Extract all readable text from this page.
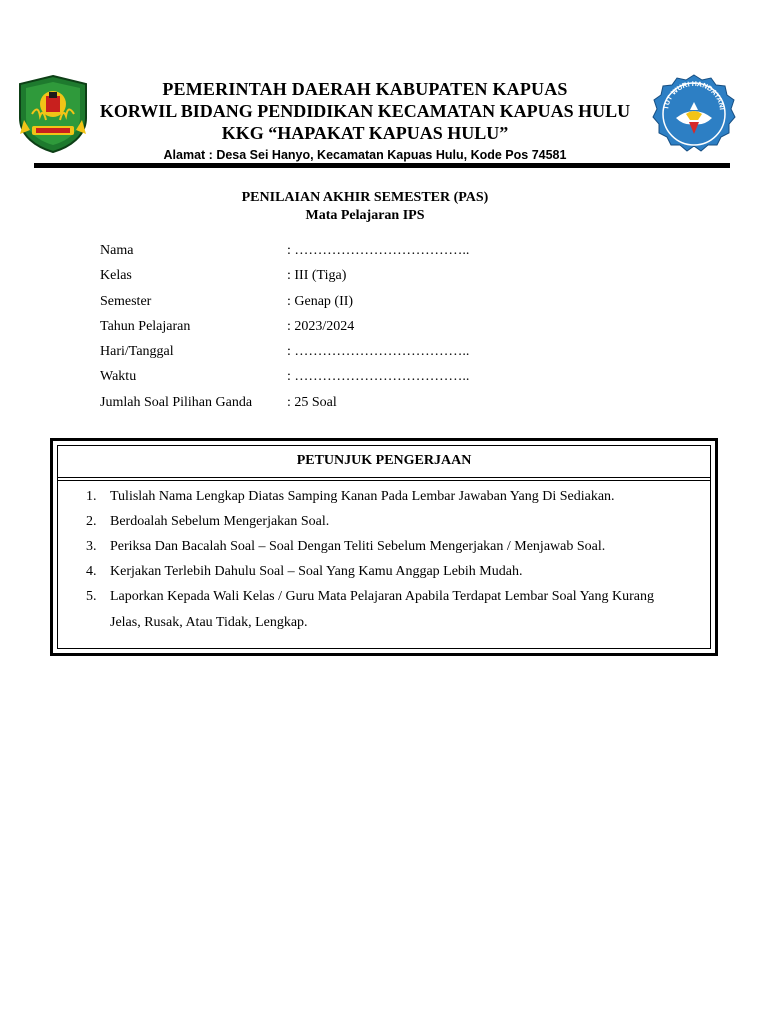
TUT WURI HANDAYANI
PEMERINTAH DAERAH KABUPATEN KAPUAS
KORWIL BIDANG PENDIDIKAN KECAMATAN KAPUAS HULU
KKG “HAPAKAT KAPUAS HULU”
Alamat : Desa Sei Hanyo, Kecamatan Kapuas Hulu, Kode Pos 74581
PENILAIAN AKHIR SEMESTER (PAS)
Mata Pelajaran IPS
Nama	: ………………………………..
Kelas	: III (Tiga)
Semester	: Genap (II)
Tahun Pelajaran	: 2023/2024
Hari/Tanggal	: ………………………………..
Waktu	: ………………………………..
Jumlah Soal Pilihan Ganda : 25 Soal
PETUNJUK PENGERJAAN
1. Tulislah Nama Lengkap Diatas Samping Kanan Pada Lembar Jawaban Yang Di Sediakan.
2. Berdoalah Sebelum Mengerjakan Soal.
3. Periksa Dan Bacalah Soal – Soal Dengan Teliti Sebelum Mengerjakan / Menjawab Soal.
4. Kerjakan Terlebih Dahulu Soal – Soal Yang Kamu Anggap Lebih Mudah.
5. Laporkan Kepada Wali Kelas / Guru Mata Pelajaran Apabila Terdapat Lembar Soal Yang Kurang Jelas, Rusak, Atau Tidak, Lengkap.
